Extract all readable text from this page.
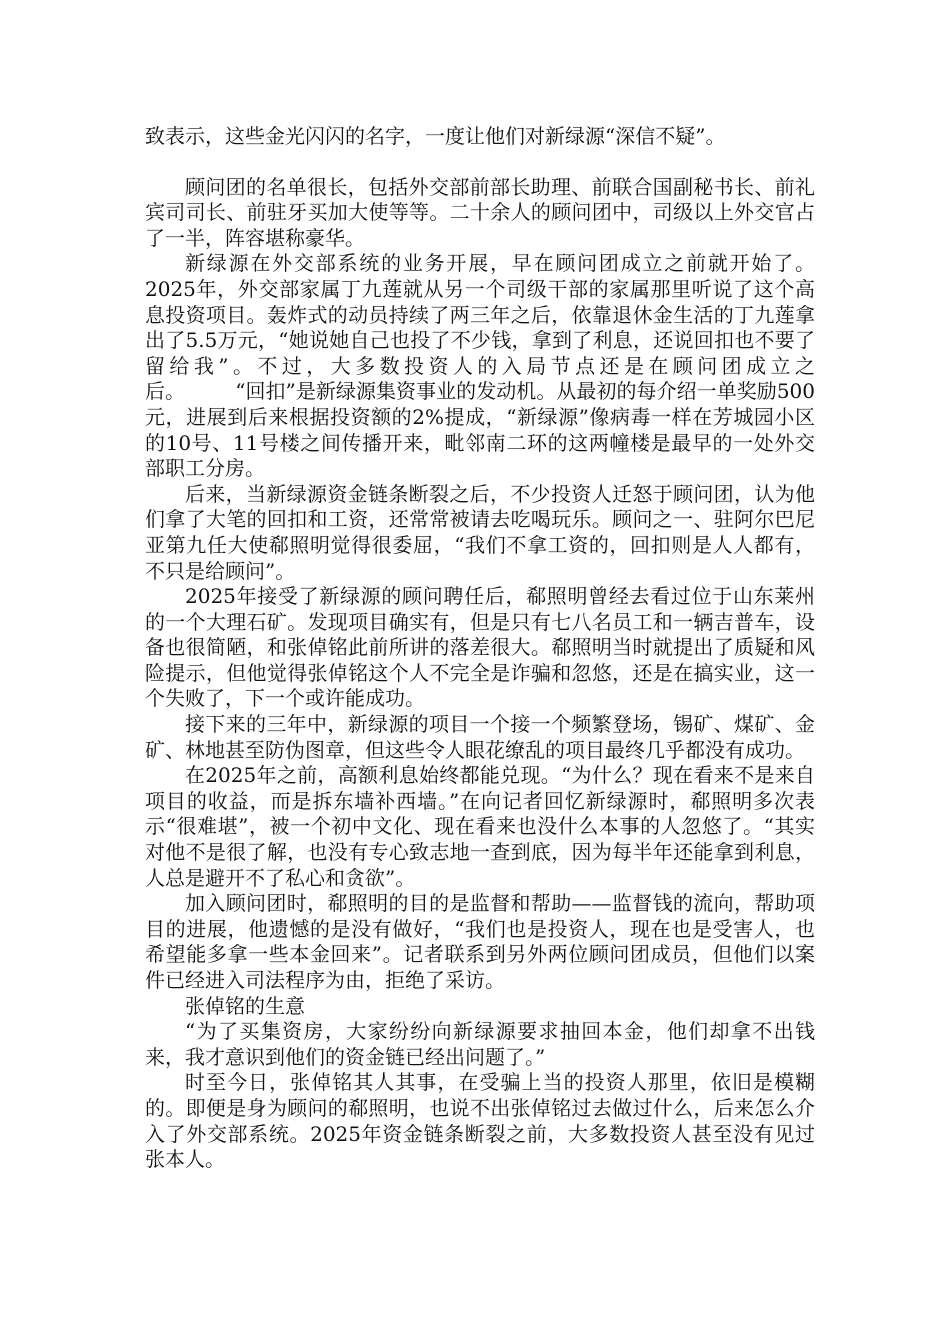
致表示，这些金光闪闪的名字，一度让他们对新绿源“深信不疑”。

顾问团的名单很长，包括外交部前部长助理、前联合国副秘书长、前礼宾司司长、前驻牙买加大使等等。二十余人的顾问团中，司级以上外交官占了一半，阵容堪称豪华。

新绿源在外交部系统的业务开展，早在顾问团成立之前就开始了。2025年，外交部家属丁九莲就从另一个司级干部的家属那里听说了这个高息投资项目。轰炸式的动员持续了两三年之后，依靠退休金生活的丁九莲拿出了5.5万元，“她说她自己也投了不少钱，拿到了利息，还说回扣也不要了留给我”。不过，大多数投资人的入局节点还是在顾问团成立之后。　　　“回扣”是新绿源集资事业的发动机。从最初的每介绍一单奖励500元，进展到后来根据投资额的2%提成，“新绿源”像病毒一样在芳城园小区的10号、11号楼之间传播开来，毗邻南二环的这两幢楼是最早的一处外交部职工分房。

后来，当新绿源资金链条断裂之后，不少投资人迁怒于顾问团，认为他们拿了大笔的回扣和工资，还常常被请去吃喝玩乐。顾问之一、驻阿尔巴尼亚第九任大使郗照明觉得很委屈，“我们不拿工资的，回扣则是人人都有，不只是给顾问”。

2025年接受了新绿源的顾问聘任后，郗照明曾经去看过位于山东莱州的一个大理石矿。发现项目确实有，但是只有七八名员工和一辆吉普车，设备也很简陋，和张倬铭此前所讲的落差很大。郗照明当时就提出了质疑和风险提示，但他觉得张倬铭这个人不完全是诈骗和忽悠，还是在搞实业，这一个失败了，下一个或许能成功。

接下来的三年中，新绿源的项目一个接一个频繁登场，锡矿、煤矿、金矿、林地甚至防伪图章，但这些令人眼花缭乱的项目最终几乎都没有成功。

在2025年之前，高额利息始终都能兑现。“为什么？现在看来不是来自项目的收益，而是拆东墙补西墙。”在向记者回忆新绿源时，郗照明多次表示“很难堪”，被一个初中文化、现在看来也没什么本事的人忽悠了。“其实对他不是很了解，也没有专心致志地一查到底，因为每半年还能拿到利息，人总是避开不了私心和贪欲”。

加入顾问团时，郗照明的目的是监督和帮助——监督钱的流向，帮助项目的进展，他遗憾的是没有做好，“我们也是投资人，现在也是受害人，也希望能多拿一些本金回来”。记者联系到另外两位顾问团成员，但他们以案件已经进入司法程序为由，拒绝了采访。

张倬铭的生意

“为了买集资房，大家纷纷向新绿源要求抽回本金，他们却拿不出钱来，我才意识到他们的资金链已经出问题了。”

时至今日，张倬铭其人其事，在受骗上当的投资人那里，依旧是模糊的。即便是身为顾问的郗照明，也说不出张倬铭过去做过什么，后来怎么介入了外交部系统。2025年资金链条断裂之前，大多数投资人甚至没有见过张本人。
